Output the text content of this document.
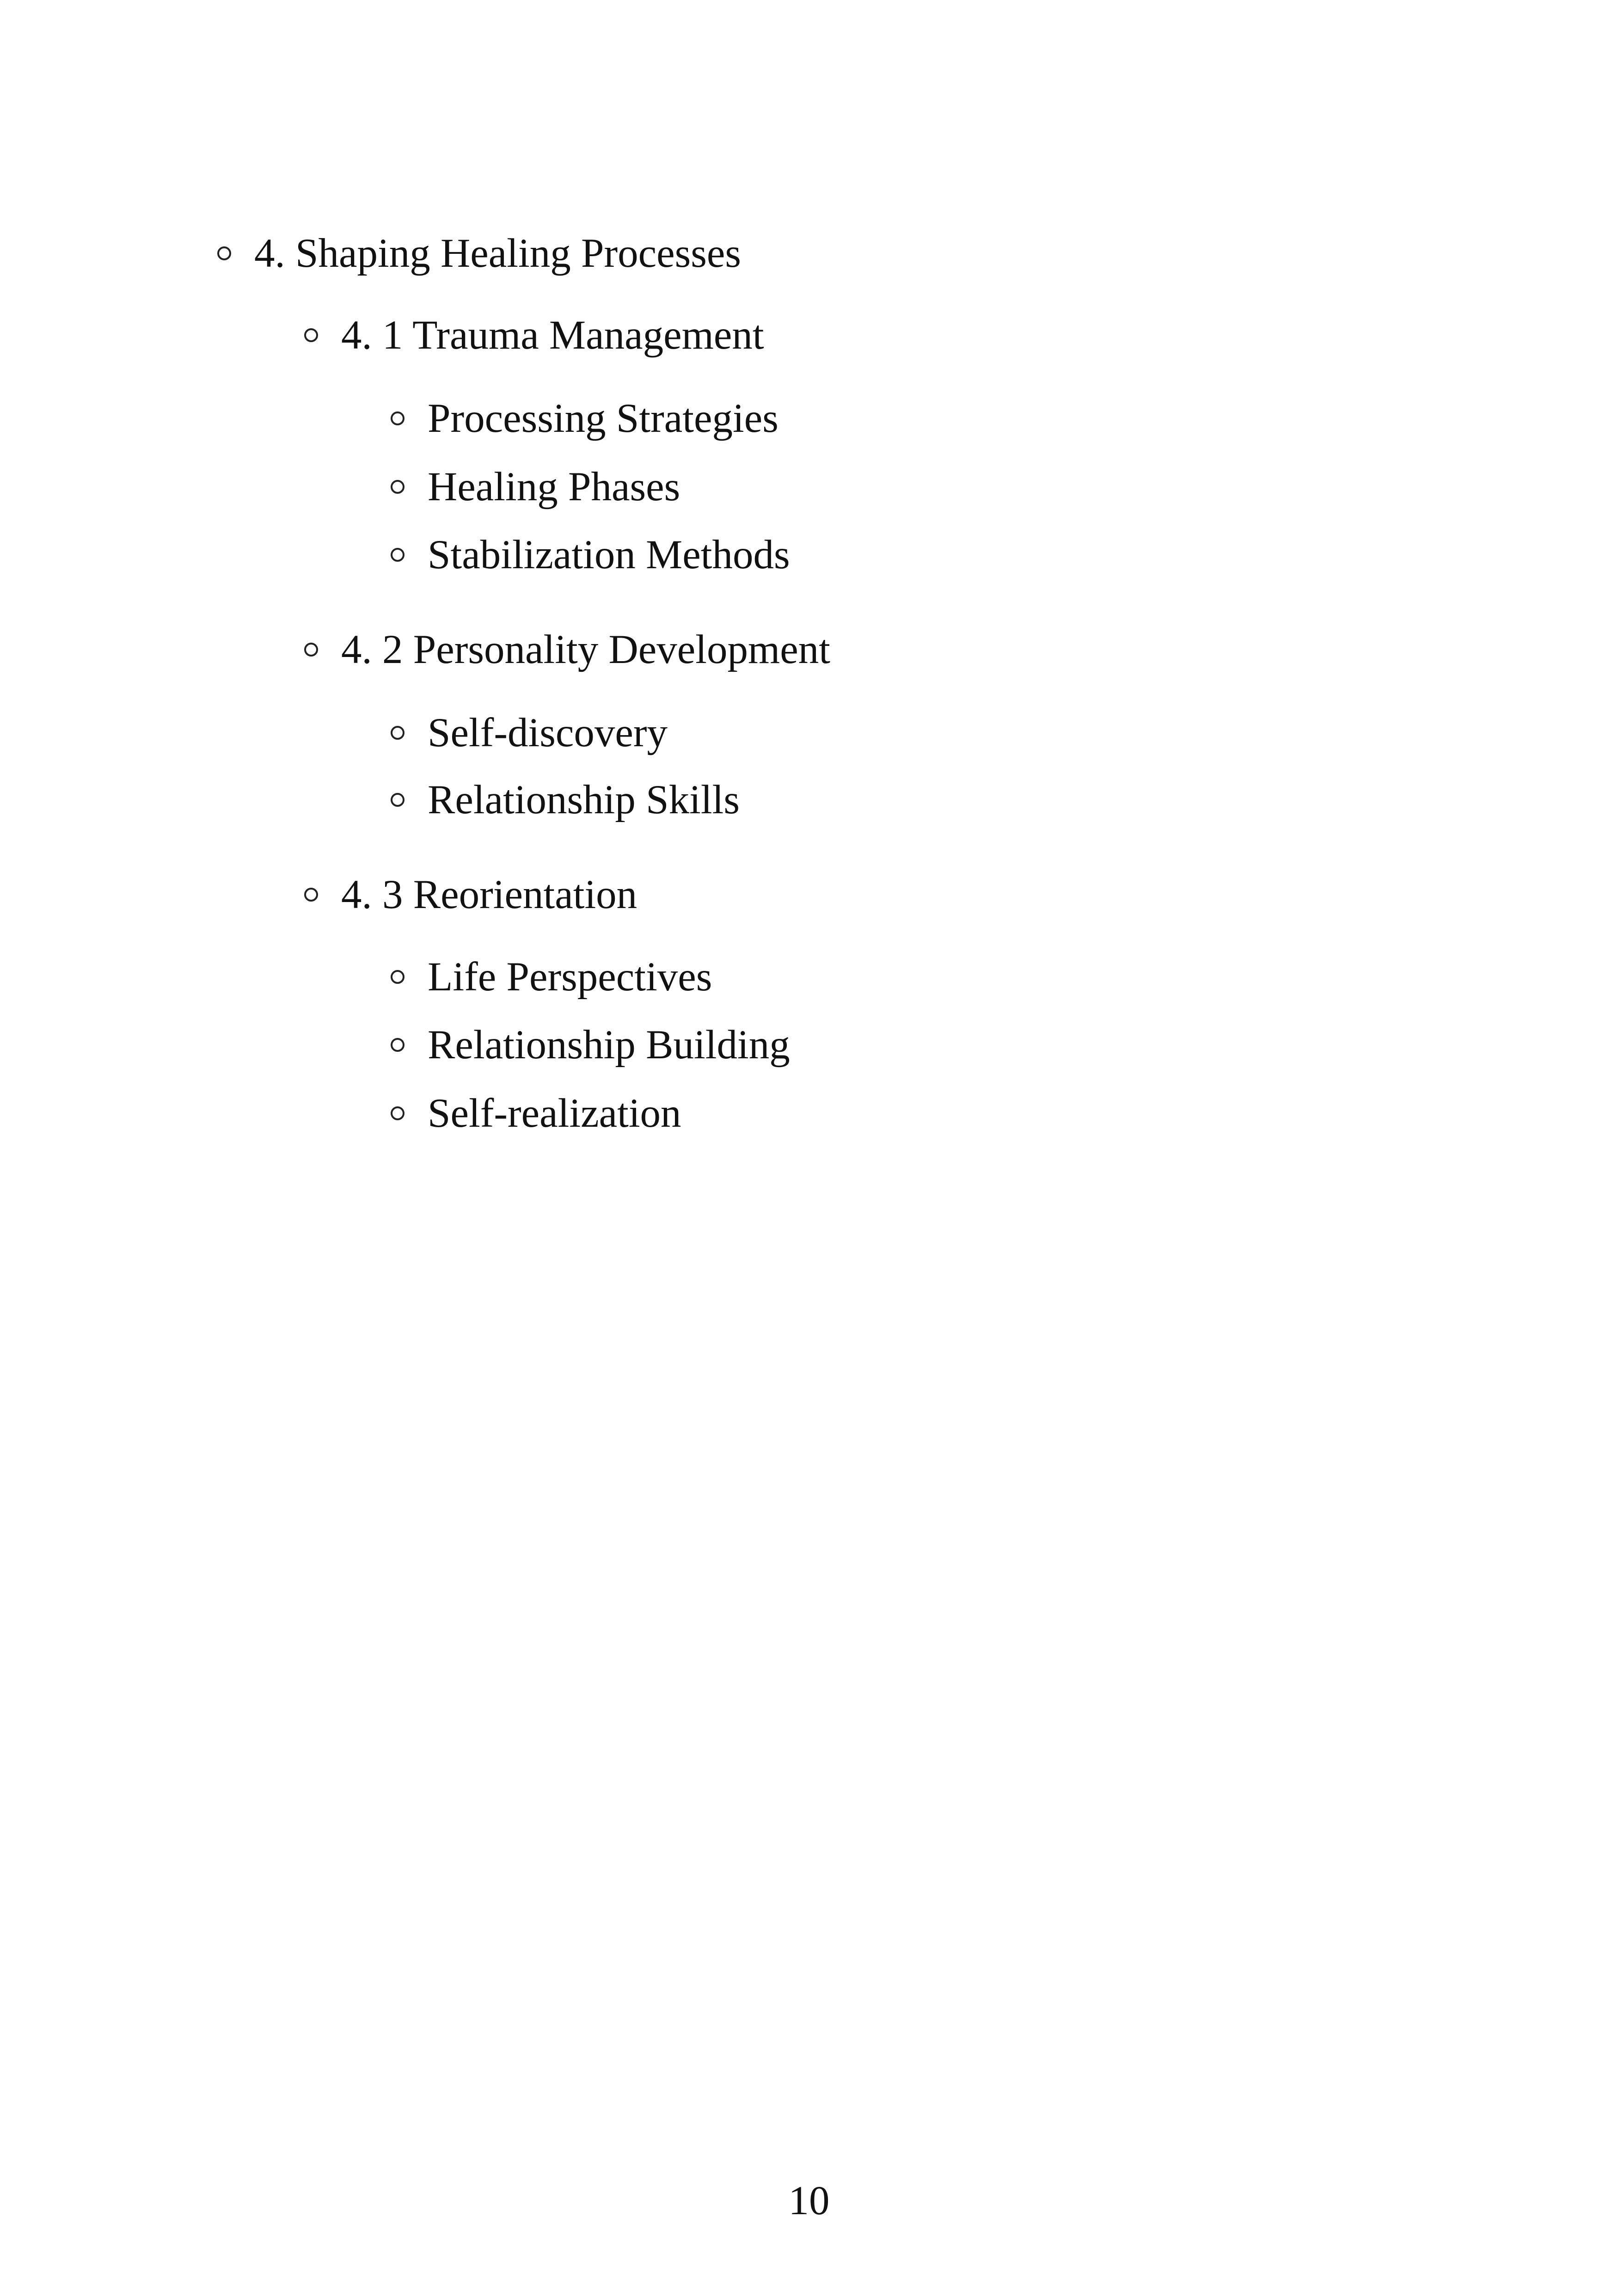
4. Shaping Healing Processes
4. 1 Trauma Management
Processing Strategies
Healing Phases
Stabilization Methods
4. 2 Personality Development
Self-discovery
Relationship Skills
4. 3 Reorientation
Life Perspectives
Relationship Building
Self-realization
10
